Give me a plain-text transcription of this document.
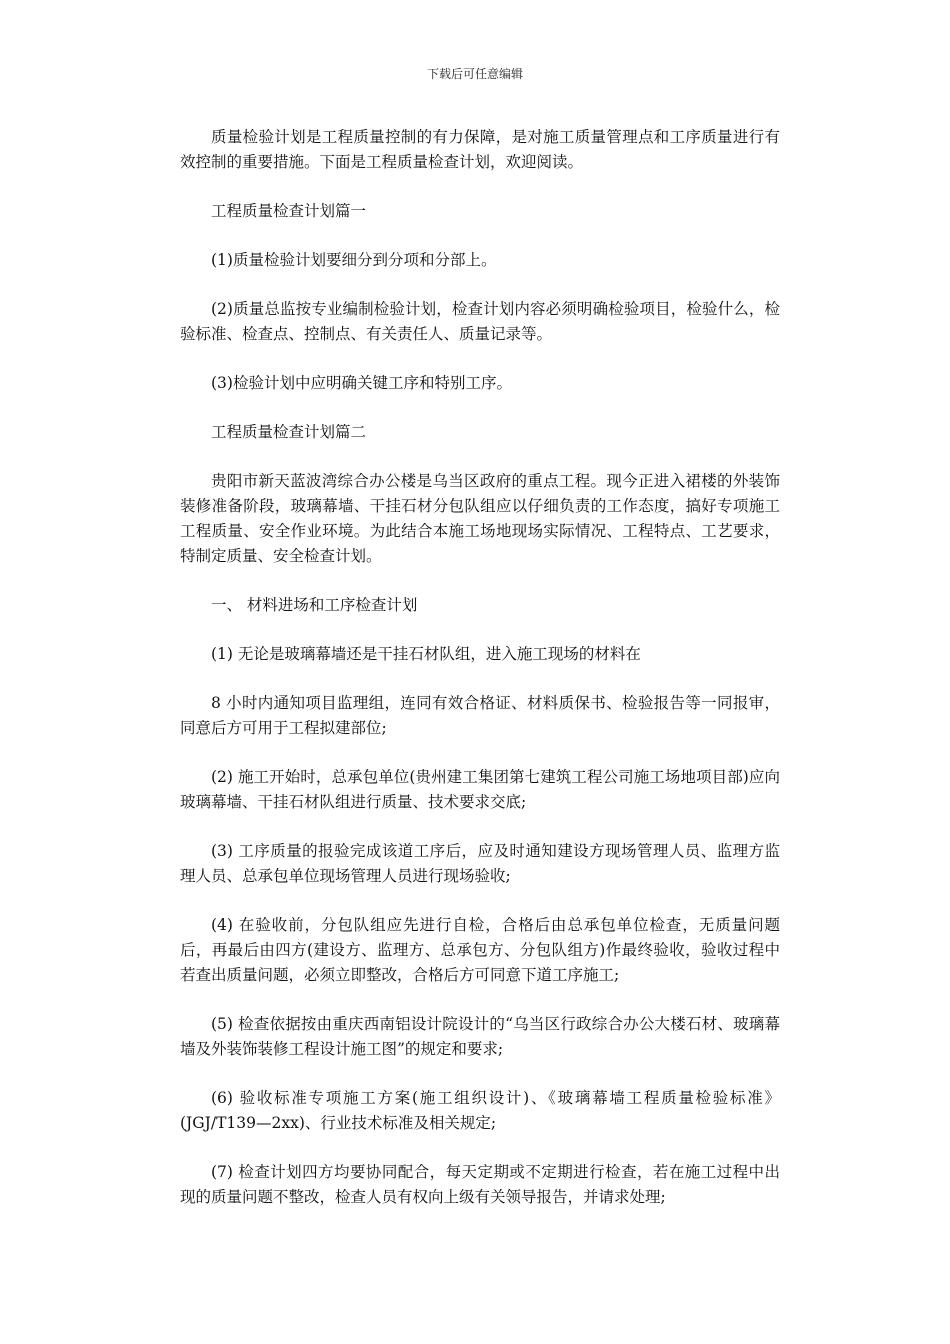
下载后可任意编辑

质量检验计划是工程质量控制的有力保障，是对施工质量管理点和工序质量进行有效控制的重要措施。下面是工程质量检查计划，欢迎阅读。

工程质量检查计划篇一

(1)质量检验计划要细分到分项和分部上。

(2)质量总监按专业编制检验计划，检查计划内容必须明确检验项目，检验什么，检验标准、检查点、控制点、有关责任人、质量记录等。

(3)检验计划中应明确关键工序和特别工序。

工程质量检查计划篇二

贵阳市新天蓝波湾综合办公楼是乌当区政府的重点工程。现今正进入裙楼的外装饰装修准备阶段，玻璃幕墙、干挂石材分包队组应以仔细负责的工作态度，搞好专项施工工程质量、安全作业环境。为此结合本施工场地现场实际情况、工程特点、工艺要求，特制定质量、安全检查计划。

一、 材料进场和工序检查计划

(1) 无论是玻璃幕墙还是干挂石材队组，进入施工现场的材料在

8 小时内通知项目监理组，连同有效合格证、材料质保书、检验报告等一同报审，同意后方可用于工程拟建部位;

(2) 施工开始时，总承包单位(贵州建工集团第七建筑工程公司施工场地项目部)应向玻璃幕墙、干挂石材队组进行质量、技术要求交底;

(3) 工序质量的报验完成该道工序后，应及时通知建设方现场管理人员、监理方监理人员、总承包单位现场管理人员进行现场验收;

(4) 在验收前，分包队组应先进行自检，合格后由总承包单位检查，无质量问题后，再最后由四方(建设方、监理方、总承包方、分包队组方)作最终验收，验收过程中若查出质量问题，必须立即整改，合格后方可同意下道工序施工;

(5) 检查依据按由重庆西南铝设计院设计的“乌当区行政综合办公大楼石材、玻璃幕墙及外装饰装修工程设计施工图”的规定和要求;

(6) 验收标准专项施工方案(施工组织设计)、《玻璃幕墙工程质量检验标准》(JGJ/T139—2xx)、行业技术标准及相关规定;

(7) 检查计划四方均要协同配合，每天定期或不定期进行检查，若在施工过程中出现的质量问题不整改，检查人员有权向上级有关领导报告，并请求处理;
